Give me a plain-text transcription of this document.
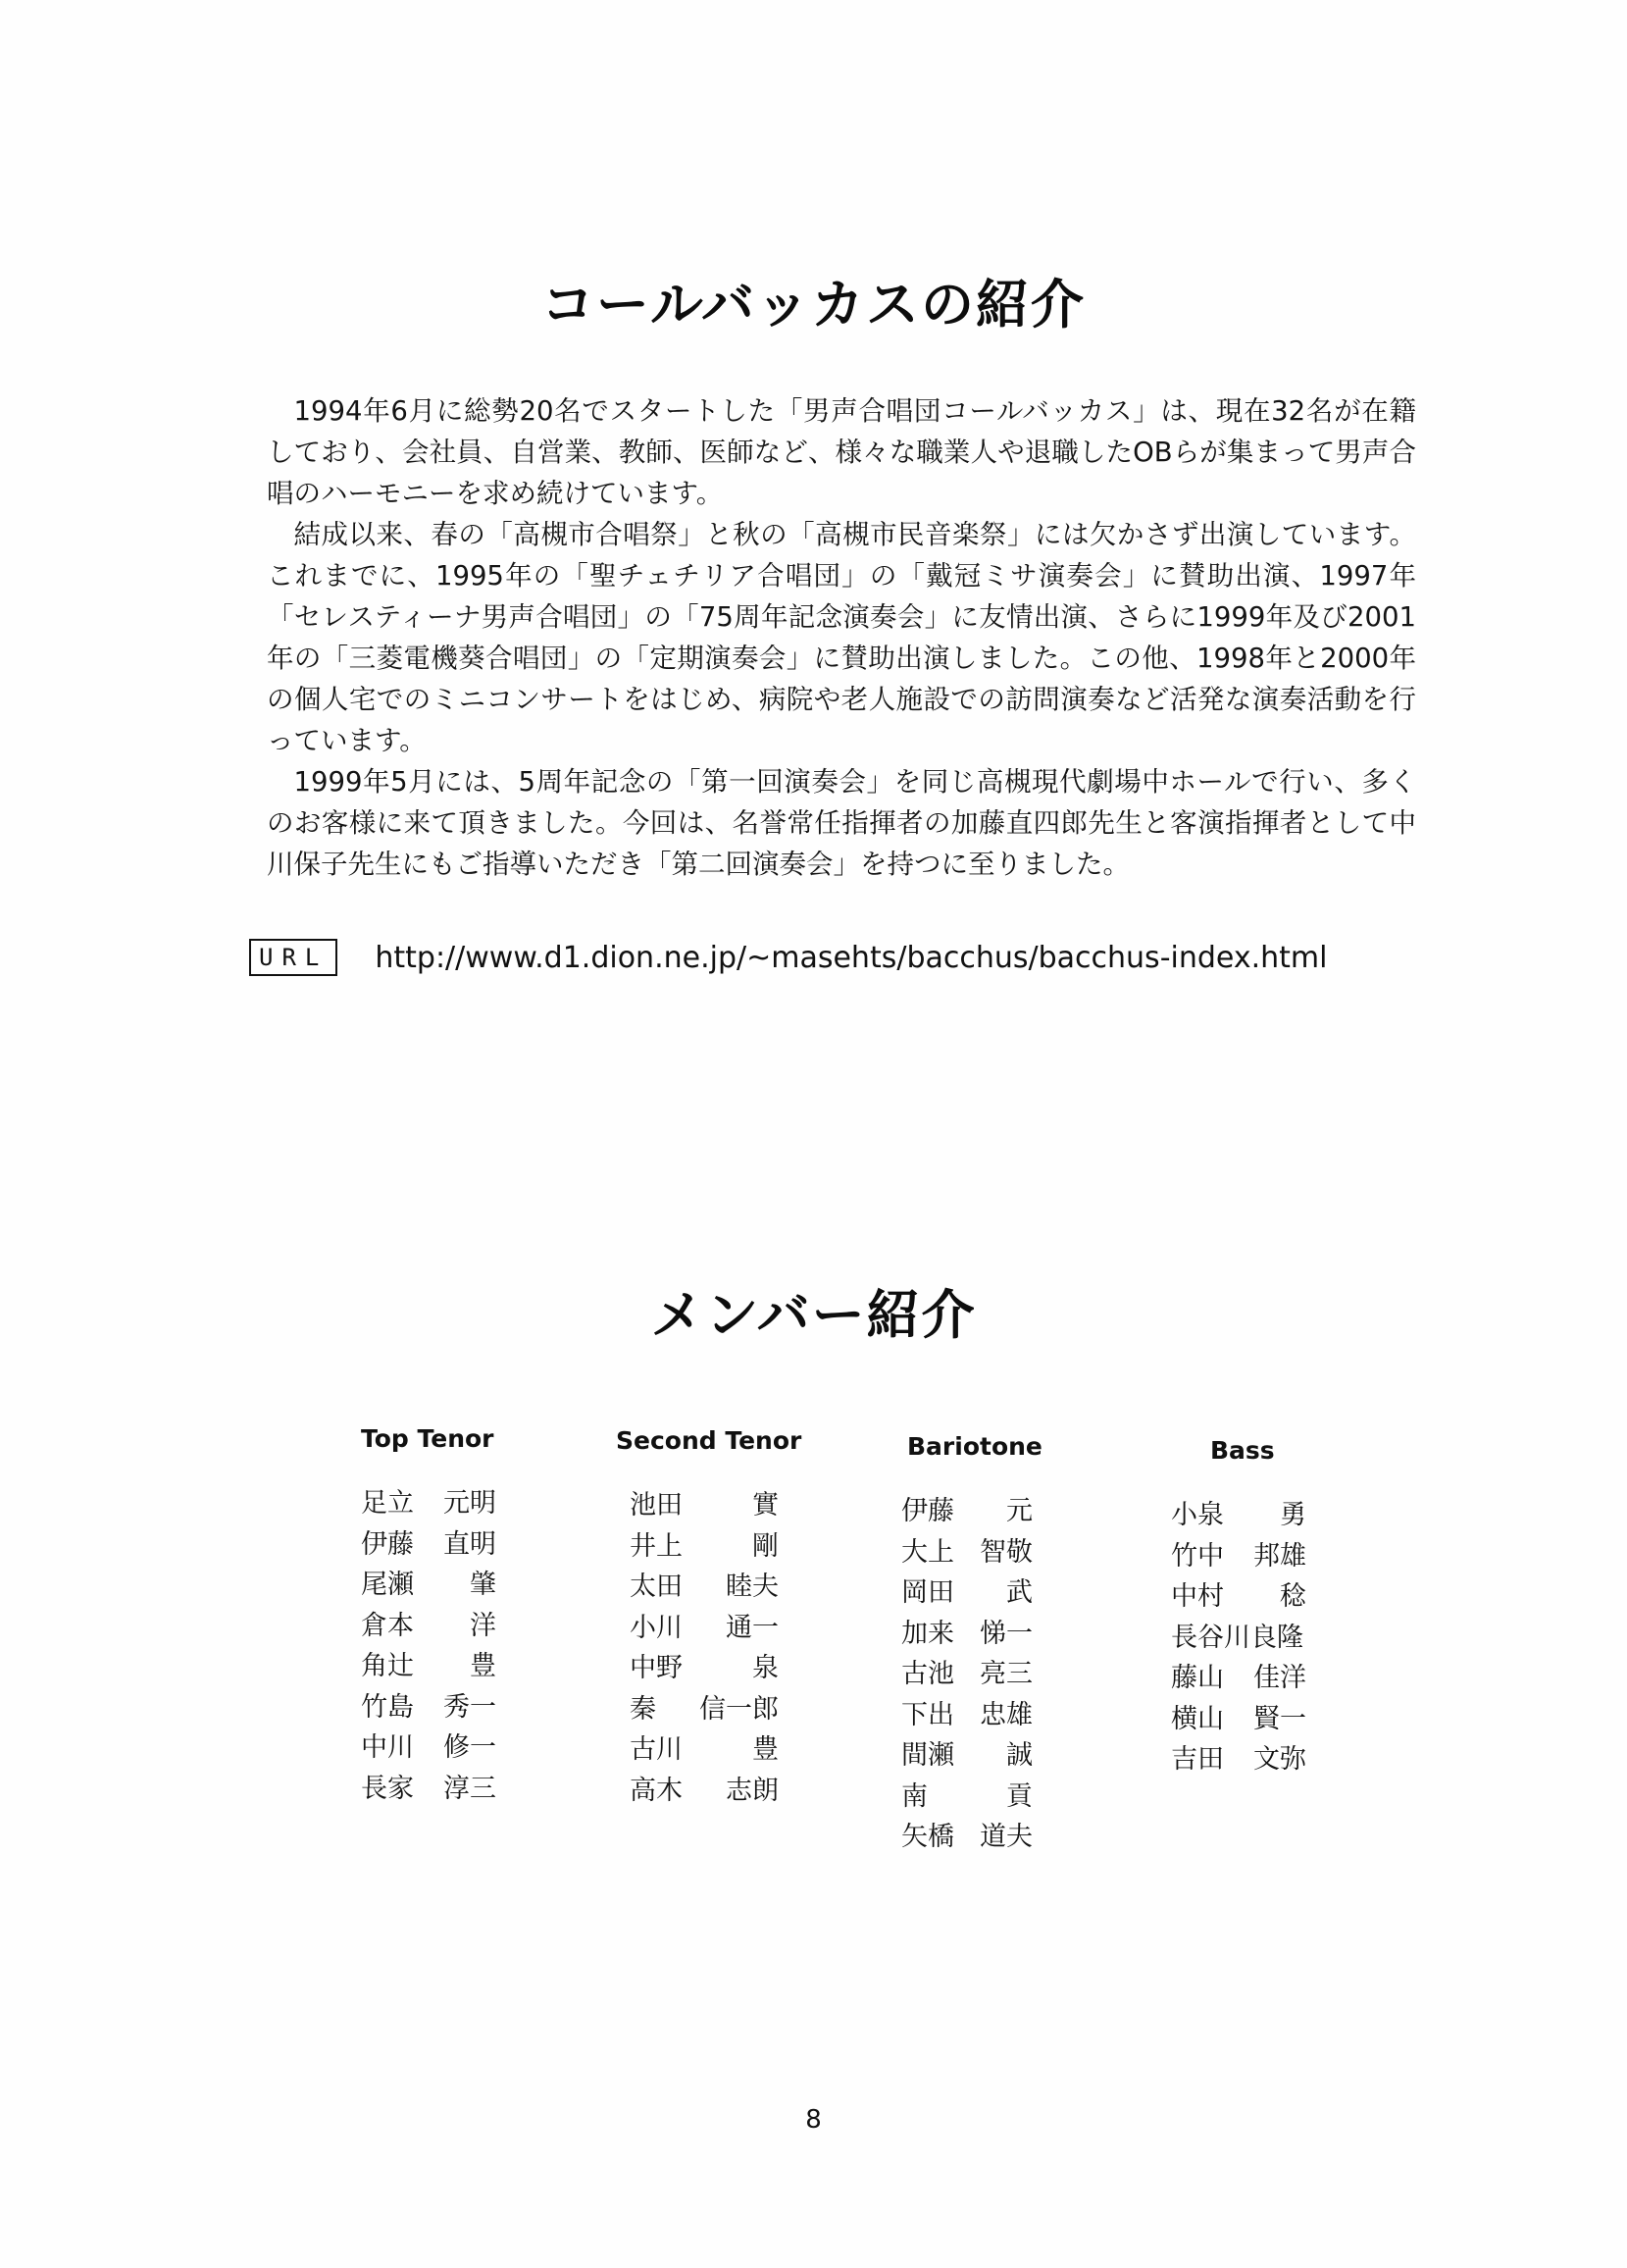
コールバッカスの紹介

1994年6月に総勢20名でスタートした「男声合唱団コールバッカス」は、現在32名が在籍しており、会社員、自営業、教師、医師など、様々な職業人や退職したOBらが集まって男声合唱のハーモニーを求め続けています。

結成以来、春の「高槻市合唱祭」と秋の「高槻市民音楽祭」には欠かさず出演しています。これまでに、1995年の「聖チェチリア合唱団」の「戴冠ミサ演奏会」に賛助出演、1997年「セレスティーナ男声合唱団」の「75周年記念演奏会」に友情出演、さらに1999年及び2001年の「三菱電機葵合唱団」の「定期演奏会」に賛助出演しました。この他、1998年と2000年の個人宅でのミニコンサートをはじめ、病院や老人施設での訪問演奏など活発な演奏活動を行っています。

1999年5月には、5周年記念の「第一回演奏会」を同じ高槻現代劇場中ホールで行い、多くのお客様に来て頂きました。今回は、名誉常任指揮者の加藤直四郎先生と客演指揮者として中川保子先生にもご指導いただき「第二回演奏会」を持つに至りました。

URL	http://www.d1.dion.ne.jp/~masehts/bacchus/bacchus-index.html
メンバー紹介
Top Tenor
足立 元明
伊藤 直明
尾瀬 肇
倉本 洋
角辻 豊
竹島 秀一
中川 修一
長家 淳三
Second Tenor
池田	實
井上	剛
太田 睦夫
小川 通一
中野	泉
秦 信一郎
古川	豊
高木 志朗
Bariotone
伊藤 元
大上 智敬
岡田 武
加来 悌一
古池 亮三
下出 忠雄
間瀬 誠
南	貢
矢橋 道夫
Bass
小泉 勇
竹中 邦雄
中村 稔
長谷川良隆
藤山 佳洋
横山 賢一
吉田 文弥
8
